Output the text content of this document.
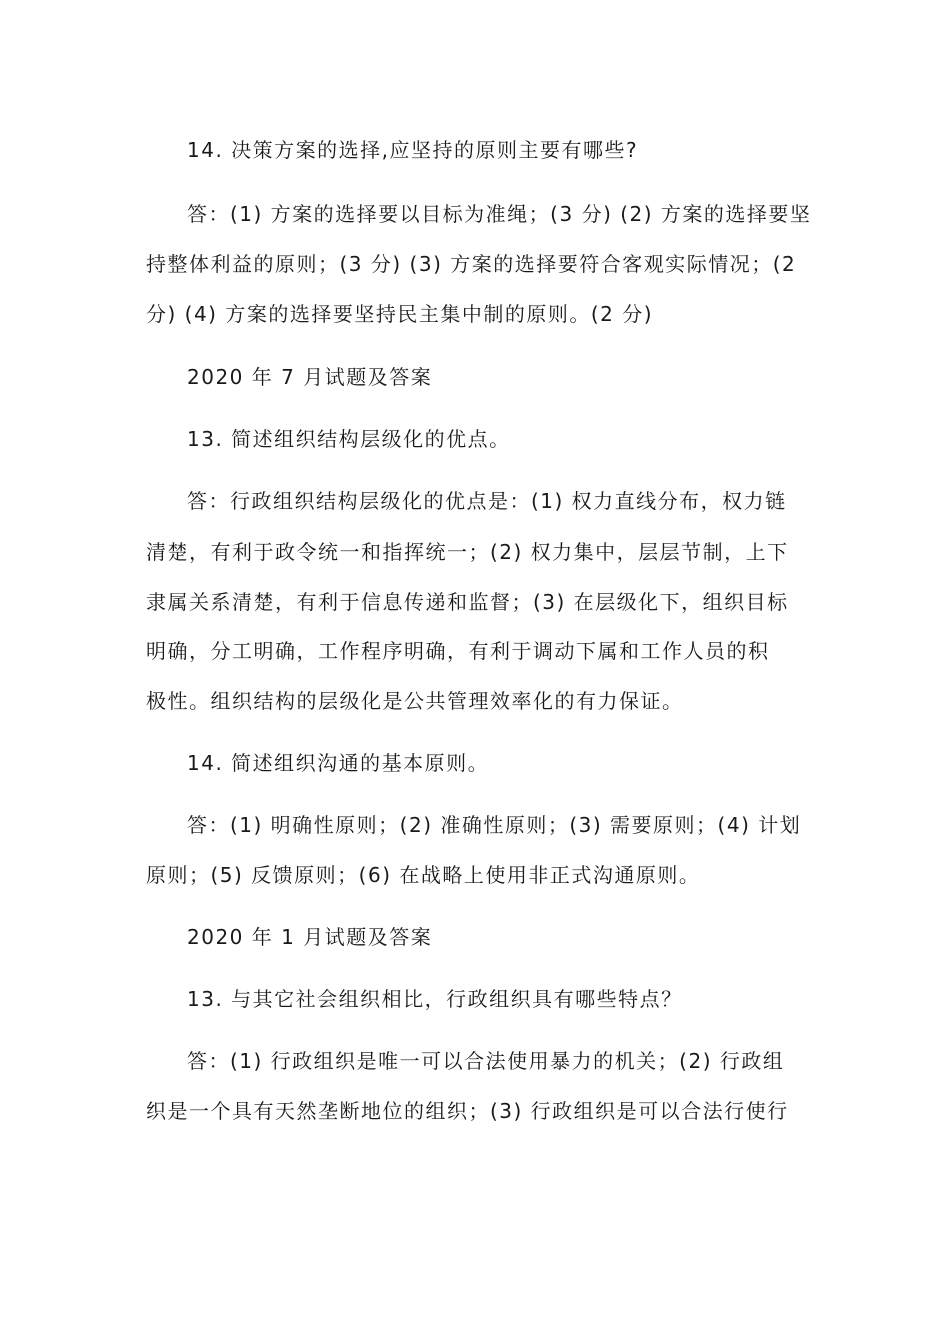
14. 决策方案的选择,应坚持的原则主要有哪些?
答：(1) 方案的选择要以目标为准绳；(3 分) (2) 方案的选择要坚
持整体利益的原则；(3 分) (3) 方案的选择要符合客观实际情况；(2
分) (4) 方案的选择要坚持民主集中制的原则。(2 分)
2020 年 7 月试题及答案
13. 简述组织结构层级化的优点。
答：行政组织结构层级化的优点是：(1) 权力直线分布，权力链
清楚，有利于政令统一和指挥统一；(2) 权力集中，层层节制，上下
隶属关系清楚，有利于信息传递和监督；(3) 在层级化下，组织目标
明确，分工明确，工作程序明确，有利于调动下属和工作人员的积
极性。组织结构的层级化是公共管理效率化的有力保证。
14. 简述组织沟通的基本原则。
答：(1) 明确性原则；(2) 准确性原则；(3) 需要原则；(4) 计划
原则；(5) 反馈原则；(6) 在战略上使用非正式沟通原则。
2020 年 1 月试题及答案
13. 与其它社会组织相比，行政组织具有哪些特点？
答：(1) 行政组织是唯一可以合法使用暴力的机关；(2) 行政组
织是一个具有天然垄断地位的组织；(3) 行政组织是可以合法行使行
